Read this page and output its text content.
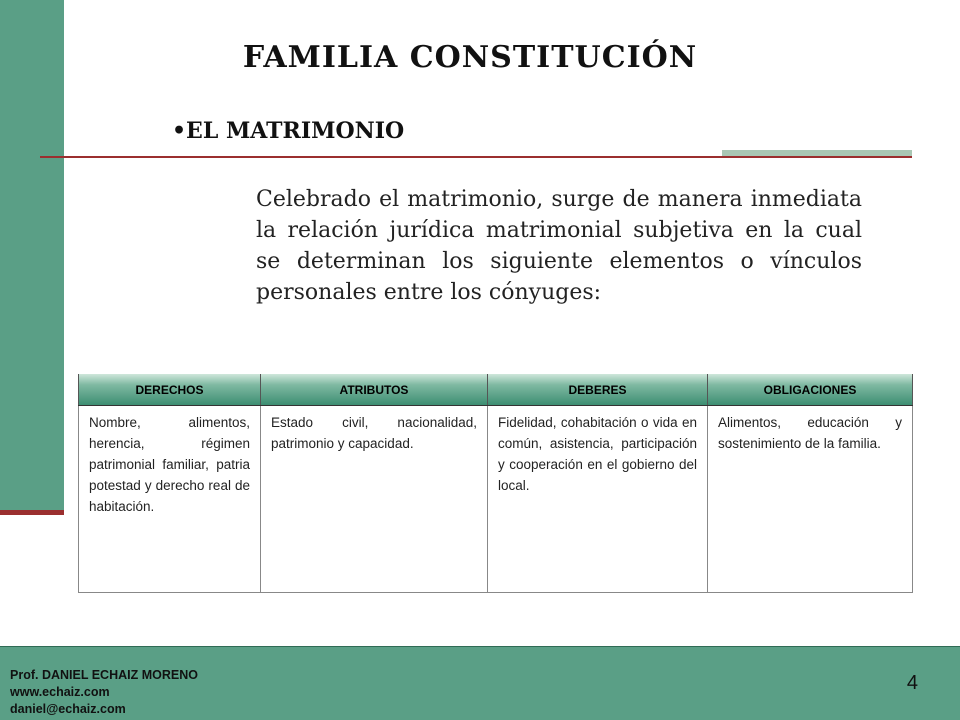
FAMILIA CONSTITUCIÓN
•EL MATRIMONIO
Celebrado el matrimonio, surge de manera inmediata la relación jurídica matrimonial subjetiva en la cual se determinan los siguiente elementos o vínculos personales entre los cónyuges:
DERECHOS	ATRIBUTOS	DEBERES	OBLIGACIONES
Nombre, alimentos, herencia, régimen patrimonial familiar, patria potestad y derecho real de habitación.	Estado civil, nacionalidad, patrimonio y capacidad.	Fidelidad, cohabitación o vida en común, asistencia, participación y cooperación en el gobierno del local.	Alimentos, educación y sostenimiento de la familia.
Prof. DANIEL ECHAIZ MORENO
www.echaiz.com
daniel@echaiz.com
4
